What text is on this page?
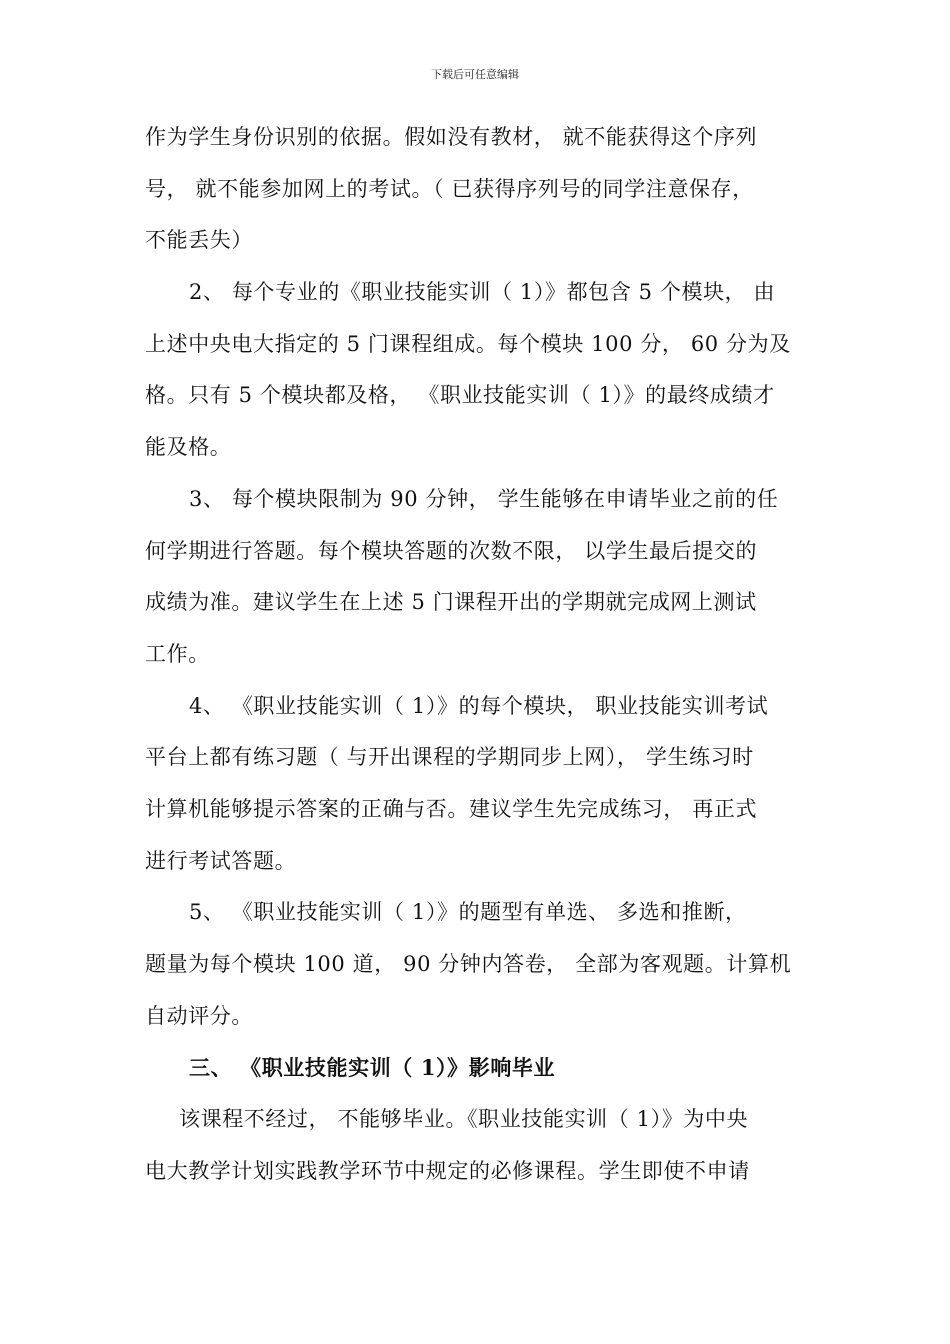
下载后可任意编辑
作为学生身份识别的依据。假如没有教材， 就不能获得这个序列
号， 就不能参加网上的考试。（ 已获得序列号的同学注意保存，
不能丢失）
2、 每个专业的《职业技能实训（ 1）》都包含 5 个模块， 由
上述中央电大指定的 5 门课程组成。每个模块 100 分， 60 分为及
格。只有 5 个模块都及格， 《职业技能实训（ 1）》的最终成绩才
能及格。
3、 每个模块限制为 90 分钟， 学生能够在申请毕业之前的任
何学期进行答题。每个模块答题的次数不限， 以学生最后提交的
成绩为准。建议学生在上述 5 门课程开出的学期就完成网上测试
工作。
4、 《职业技能实训（ 1）》的每个模块， 职业技能实训考试
平台上都有练习题（ 与开出课程的学期同步上网）， 学生练习时
计算机能够提示答案的正确与否。建议学生先完成练习， 再正式
进行考试答题。
5、 《职业技能实训（ 1）》的题型有单选、 多选和推断，
题量为每个模块 100 道， 90 分钟内答卷， 全部为客观题。计算机
自动评分。
三、 《职业技能实训（ 1）》影响毕业
该课程不经过， 不能够毕业。《职业技能实训（ 1）》为中央
电大教学计划实践教学环节中规定的必修课程。学生即使不申请
